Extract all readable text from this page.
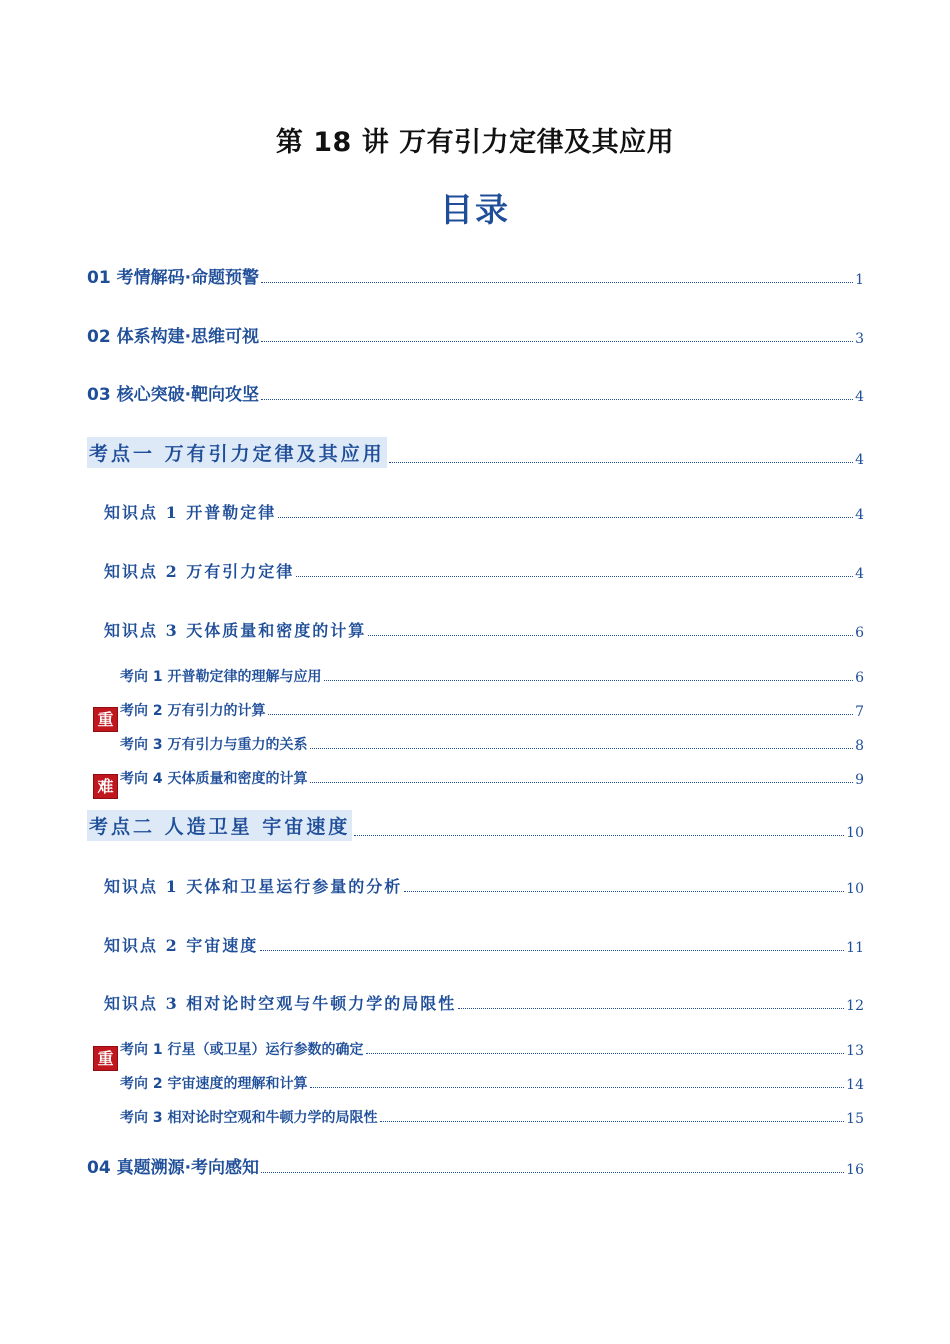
第 18 讲 万有引力定律及其应用
目录
01 考情解码·命题预警	1
02 体系构建·思维可视	3
03 核心突破·靶向攻坚	4
考点一 万有引力定律及其应用	4
知识点 1 开普勒定律	4
知识点 2 万有引力定律	4
知识点 3 天体质量和密度的计算	6
考向 1 开普勒定律的理解与应用	6
考向 2 万有引力的计算	7
考向 3 万有引力与重力的关系	8
考向 4 天体质量和密度的计算	9
考点二 人造卫星 宇宙速度	10
知识点 1 天体和卫星运行参量的分析	10
知识点 2 宇宙速度	11
知识点 3 相对论时空观与牛顿力学的局限性	12
考向 1 行星（或卫星）运行参数的确定	13
考向 2 宇宙速度的理解和计算	14
考向 3 相对论时空观和牛顿力学的局限性	15
04 真题溯源·考向感知	16
重
难
重
